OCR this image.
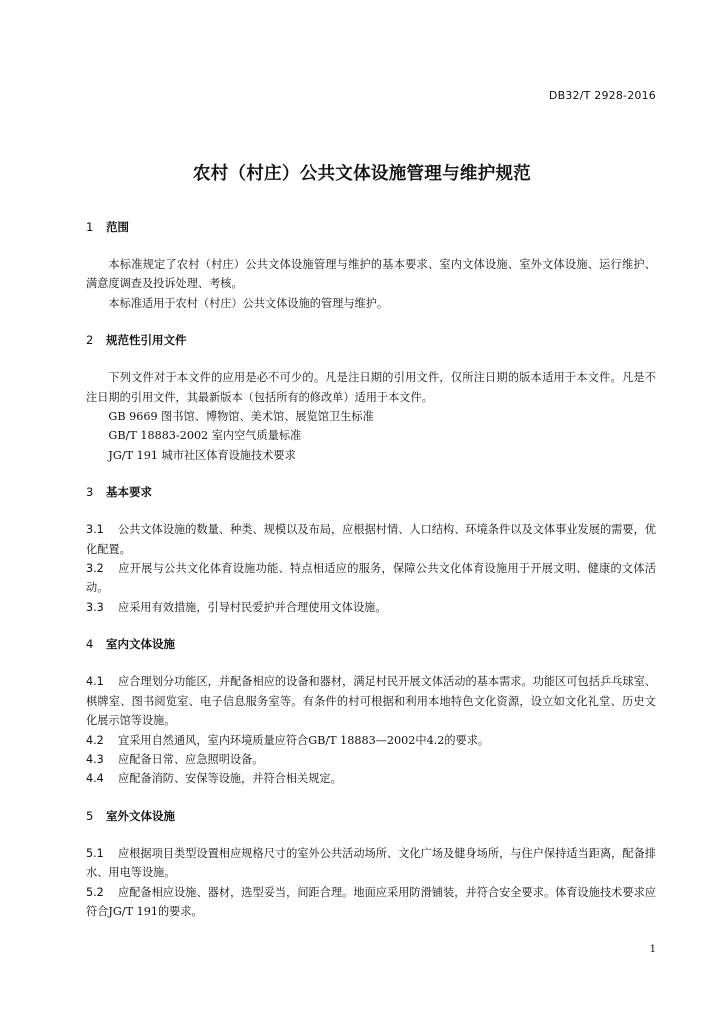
DB32/T 2928-2016
农村（村庄）公共文体设施管理与维护规范
1 范围

本标准规定了农村（村庄）公共文体设施管理与维护的基本要求、室内文体设施、室外文体设施、运行维护、满意度调查及投诉处理、考核。

本标准适用于农村（村庄）公共文体设施的管理与维护。

2 规范性引用文件

下列文件对于本文件的应用是必不可少的。凡是注日期的引用文件，仅所注日期的版本适用于本文件。凡是不注日期的引用文件，其最新版本（包括所有的修改单）适用于本文件。

GB 9669 图书馆、博物馆、美术馆、展览馆卫生标准

GB/T 18883-2002 室内空气质量标准

JG/T 191 城市社区体育设施技术要求

3 基本要求

3.1 公共文体设施的数量、种类、规模以及布局，应根据村情、人口结构、环境条件以及文体事业发展的需要，优化配置。

3.2 应开展与公共文化体育设施功能、特点相适应的服务，保障公共文化体育设施用于开展文明、健康的文体活动。

3.3 应采用有效措施，引导村民爱护并合理使用文体设施。

4 室内文体设施

4.1 应合理划分功能区，并配备相应的设备和器材，满足村民开展文体活动的基本需求。功能区可包括乒乓球室、棋牌室、图书阅览室、电子信息服务室等。有条件的村可根据和利用本地特色文化资源，设立如文化礼堂、历史文化展示馆等设施。

4.2 宜采用自然通风，室内环境质量应符合GB/T 18883—2002中4.2的要求。

4.3 应配备日常、应急照明设备。

4.4 应配备消防、安保等设施，并符合相关规定。

5 室外文体设施

5.1 应根据项目类型设置相应规格尺寸的室外公共活动场所、文化广场及健身场所，与住户保持适当距离，配备排水、用电等设施。

5.2 应配备相应设施、器材，选型妥当，间距合理。地面应采用防滑铺装，并符合安全要求。体育设施技术要求应符合JG/T 191的要求。

1
